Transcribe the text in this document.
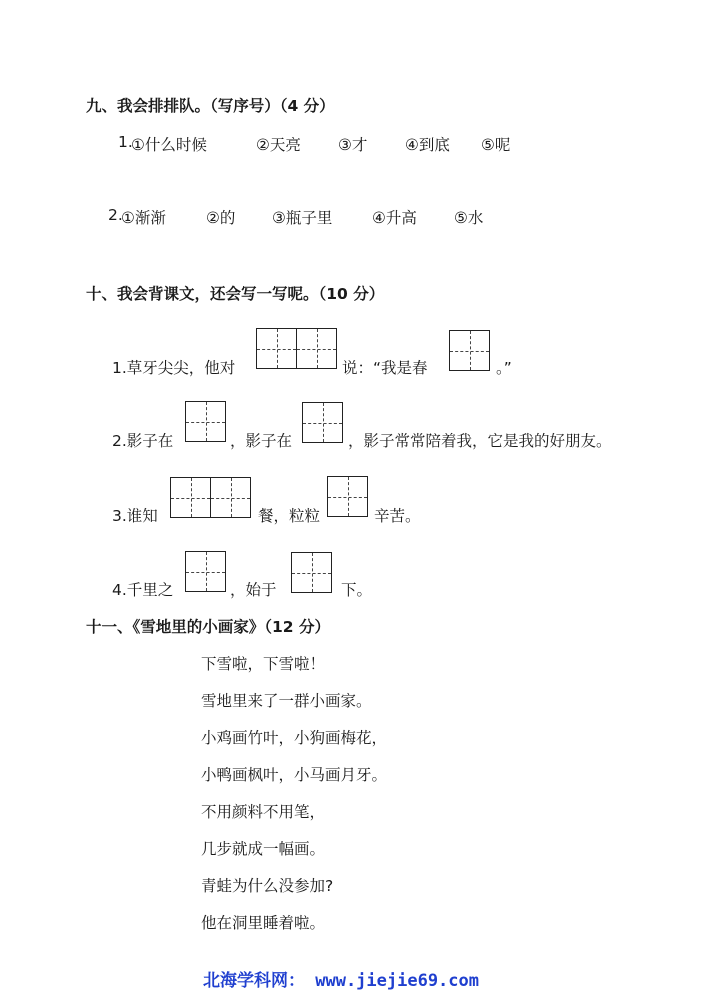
九、我会排排队。（写序号）（4 分）
1.
①什么时候	②天亮 ③才 ④到底 ⑤呢
2.
①渐渐	②的 ③瓶子里	④升高 ⑤水
十、我会背课文，还会写一写呢。（10 分）
1.草牙尖尖，他对	说：“我是春	。”
2.影子在	，影子在	，影子常常陪着我，它是我的好朋友。
3.谁知	餐，粒粒	辛苦。
4.千里之	，始于	下。
十一、《雪地里的小画家》（12 分）
下雪啦，下雪啦！
雪地里来了一群小画家。
小鸡画竹叶，小狗画梅花，
小鸭画枫叶，小马画月牙。
不用颜料不用笔，
几步就成一幅画。
青蛙为什么没参加?
他在洞里睡着啦。
北海学科网： www.jiejie69.com
